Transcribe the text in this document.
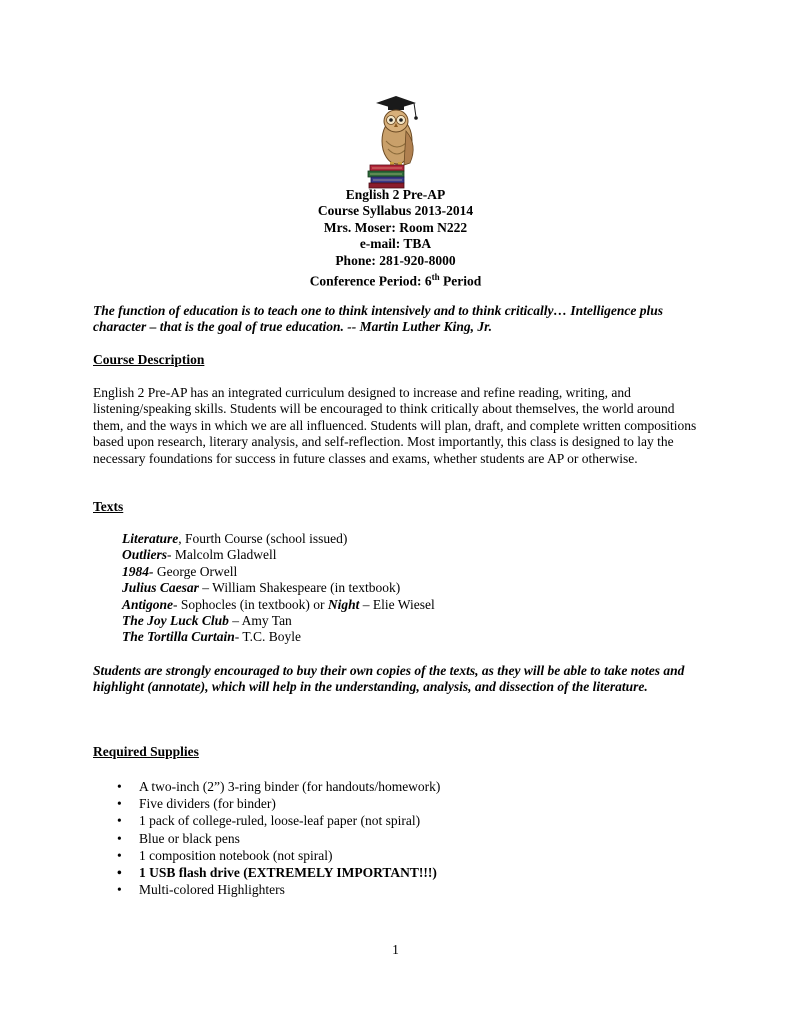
English 2 Pre-AP
Course Syllabus 2013-2014
Mrs. Moser: Room N222
e-mail: TBA
Phone: 281-920-8000
Conference Period: 6th Period
The function of education is to teach one to think intensively and to think critically… Intelligence plus character – that is the goal of true education. -- Martin Luther King, Jr.
Course Description
English 2 Pre-AP has an integrated curriculum designed to increase and refine reading, writing, and listening/speaking skills. Students will be encouraged to think critically about themselves, the world around them, and the ways in which we are all influenced. Students will plan, draft, and complete written compositions based upon research, literary analysis, and self-reflection. Most importantly, this class is designed to lay the necessary foundations for success in future classes and exams, whether students are AP or otherwise.
Texts
Literature, Fourth Course (school issued)
Outliers- Malcolm Gladwell
1984- George Orwell
Julius Caesar – William Shakespeare (in textbook)
Antigone- Sophocles (in textbook) or Night – Elie Wiesel
The Joy Luck Club – Amy Tan
The Tortilla Curtain- T.C. Boyle
Students are strongly encouraged to buy their own copies of the texts, as they will be able to take notes and highlight (annotate), which will help in the understanding, analysis, and dissection of the literature.
Required Supplies
• A two-inch (2”) 3-ring binder (for handouts/homework)
• Five dividers (for binder)
• 1 pack of college-ruled, loose-leaf paper (not spiral)
• Blue or black pens
• 1 composition notebook (not spiral)
• 1 USB flash drive (EXTREMELY IMPORTANT!!!)
• Multi-colored Highlighters
1
